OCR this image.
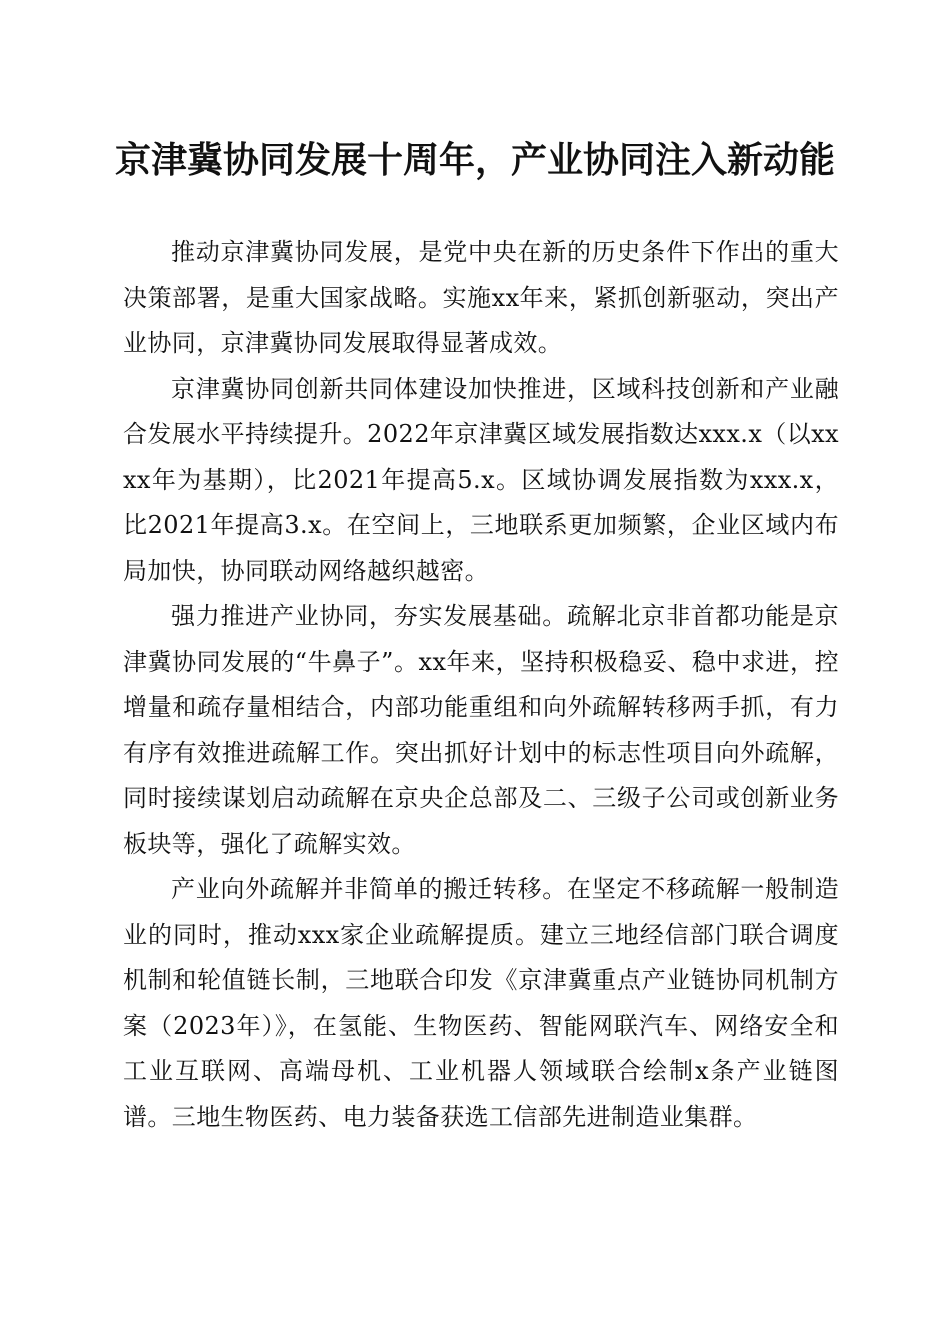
京津冀协同发展十周年，产业协同注入新动能

推动京津冀协同发展，是党中央在新的历史条件下作出的重大决策部署，是重大国家战略。实施xx年来，紧抓创新驱动，突出产业协同，京津冀协同发展取得显著成效。

京津冀协同创新共同体建设加快推进，区域科技创新和产业融合发展水平持续提升。2022年京津冀区域发展指数达xxx.x（以xxxx年为基期），比2021年提高5.x。区域协调发展指数为xxx.x，比2021年提高3.x。在空间上，三地联系更加频繁，企业区域内布局加快，协同联动网络越织越密。

强力推进产业协同，夯实发展基础。疏解北京非首都功能是京津冀协同发展的“牛鼻子”。xx年来，坚持积极稳妥、稳中求进，控增量和疏存量相结合，内部功能重组和向外疏解转移两手抓，有力有序有效推进疏解工作。突出抓好计划中的标志性项目向外疏解，同时接续谋划启动疏解在京央企总部及二、三级子公司或创新业务板块等，强化了疏解实效。

产业向外疏解并非简单的搬迁转移。在坚定不移疏解一般制造业的同时，推动xxx家企业疏解提质。建立三地经信部门联合调度机制和轮值链长制，三地联合印发《京津冀重点产业链协同机制方案（2023年）》，在氢能、生物医药、智能网联汽车、网络安全和工业互联网、高端母机、工业机器人领域联合绘制x条产业链图谱。三地生物医药、电力装备获选工信部先进制造业集群。
